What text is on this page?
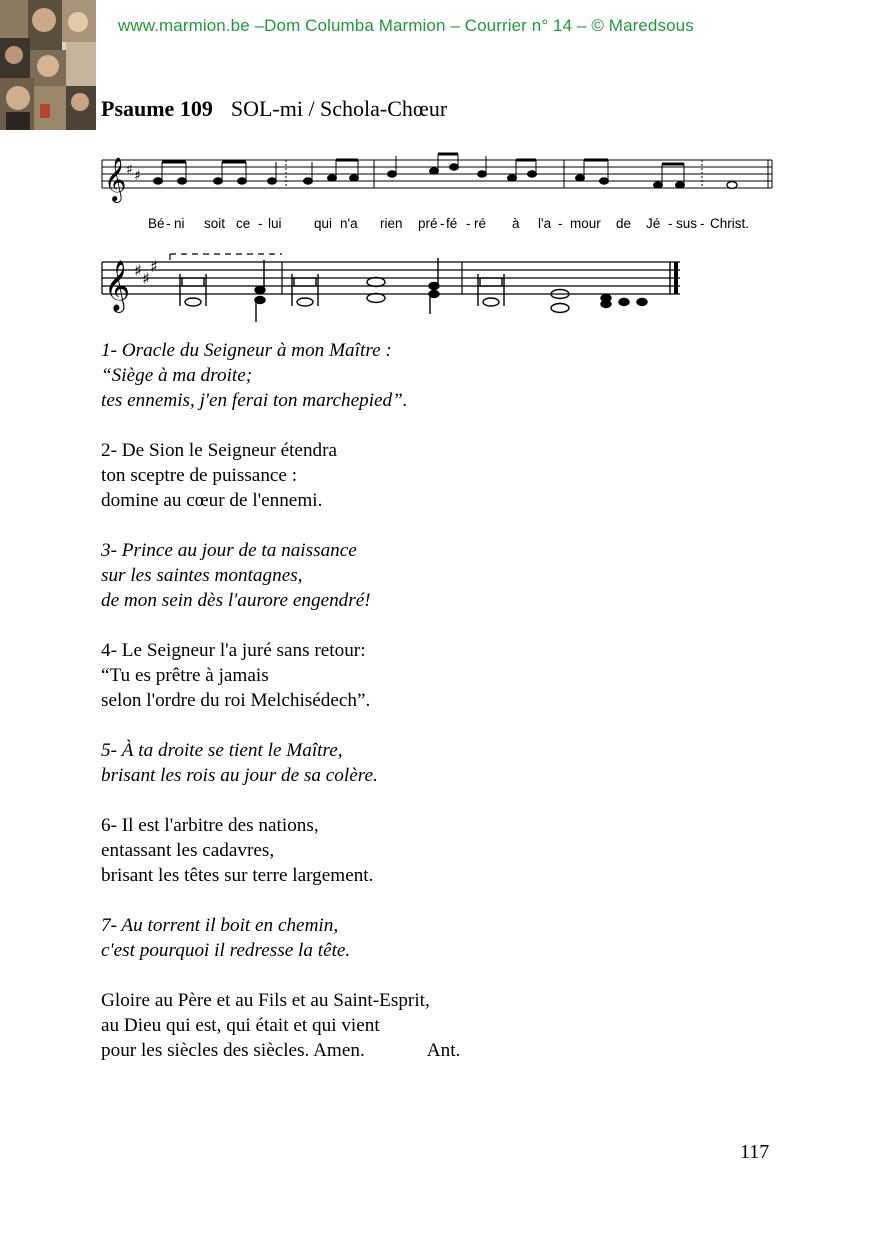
www.marmion.be –Dom Columba Marmion – Courrier n° 14 – © Maredsous
Psaume 109 SOL-mi / Schola-Chœur
𝄞 ♯ ♯
Bé- ni soit ce - lui qui n'a rien pré - fé - ré à l'a - mour de Jé - sus - Christ.
𝄞 ♯ ♯
♯
1- Oracle du Seigneur à mon Maître :
“Siège à ma droite;
tes ennemis, j'en ferai ton marchepied”.
2- De Sion le Seigneur étendra
ton sceptre de puissance :
domine au cœur de l'ennemi.
3- Prince au jour de ta naissance
sur les saintes montagnes,
de mon sein dès l'aurore engendré!
4- Le Seigneur l'a juré sans retour:
“Tu es prêtre à jamais
selon l'ordre du roi Melchisédech”.
5- À ta droite se tient le Maître,
brisant les rois au jour de sa colère.
6- Il est l'arbitre des nations,
entassant les cadavres,
brisant les têtes sur terre largement.
7- Au torrent il boit en chemin,
c'est pourquoi il redresse la tête.
Gloire au Père et au Fils et au Saint-Esprit,
au Dieu qui est, qui était et qui vient
pour les siècles des siècles. Amen.	Ant.
117
